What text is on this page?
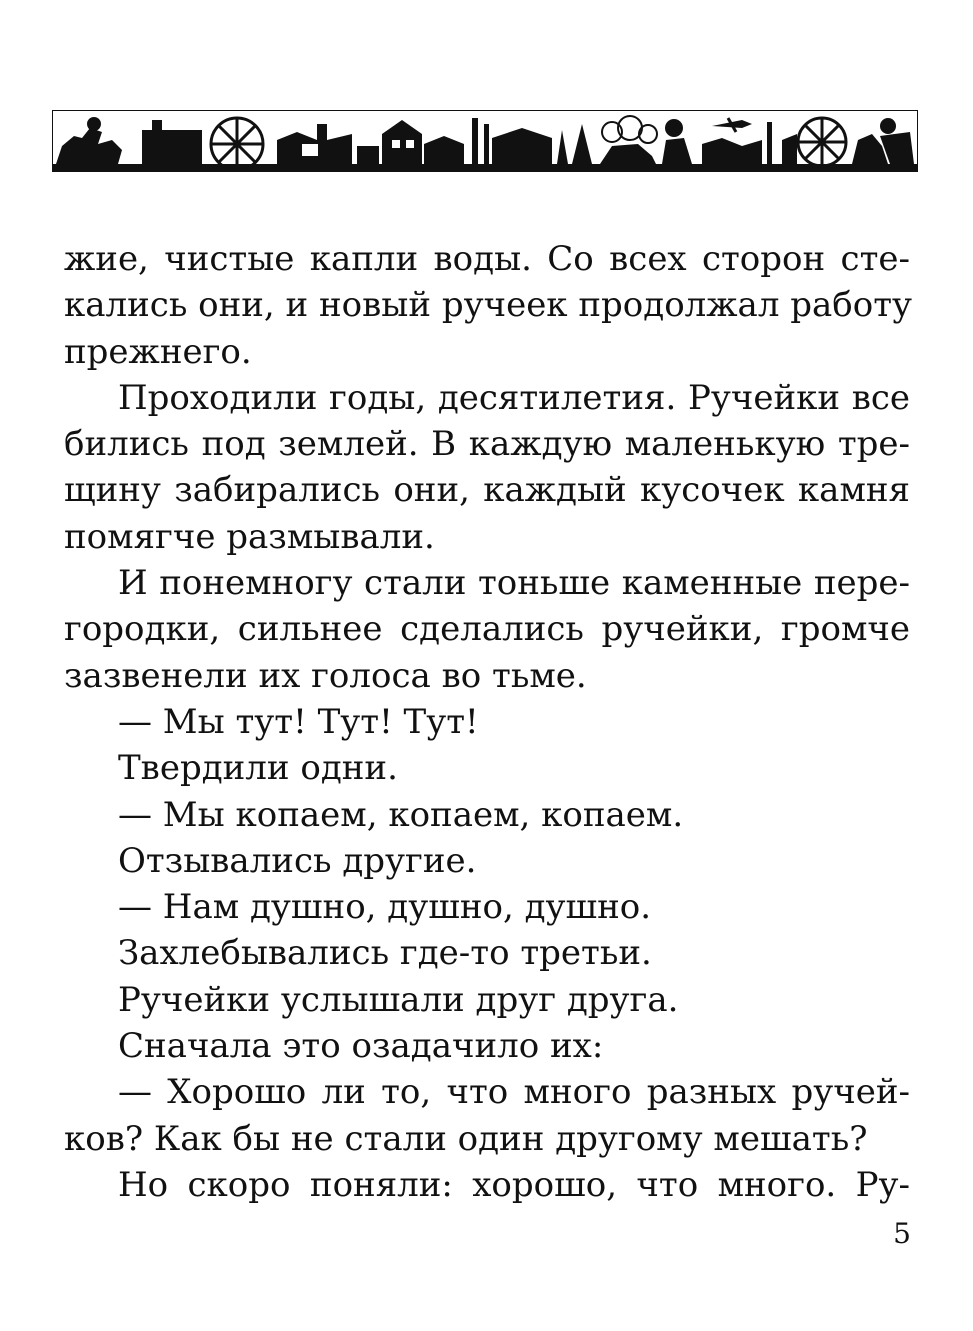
жие, чистые капли воды. Со всех сторон сте-
кались они, и новый ручеек продолжал работу
прежнего.
Проходили годы, десятилетия. Ручейки все
бились под землей. В каждую маленькую тре-
щину забирались они, каждый кусочек камня
помягче размывали.
И понемногу стали тоньше каменные пере-
городки, сильнее сделались ручейки, громче
зазвенели их голоса во тьме.
— Мы тут! Тут! Тут!
Твердили одни.
— Мы копаем, копаем, копаем.
Отзывались другие.
— Нам душно, душно, душно.
Захлебывались где-то третьи.
Ручейки услышали друг друга.
Сначала это озадачило их:
— Хорошо ли то, что много разных ручей-
ков? Как бы не стали один другому мешать?
Но скоро поняли: хорошо, что много. Ру-
5
